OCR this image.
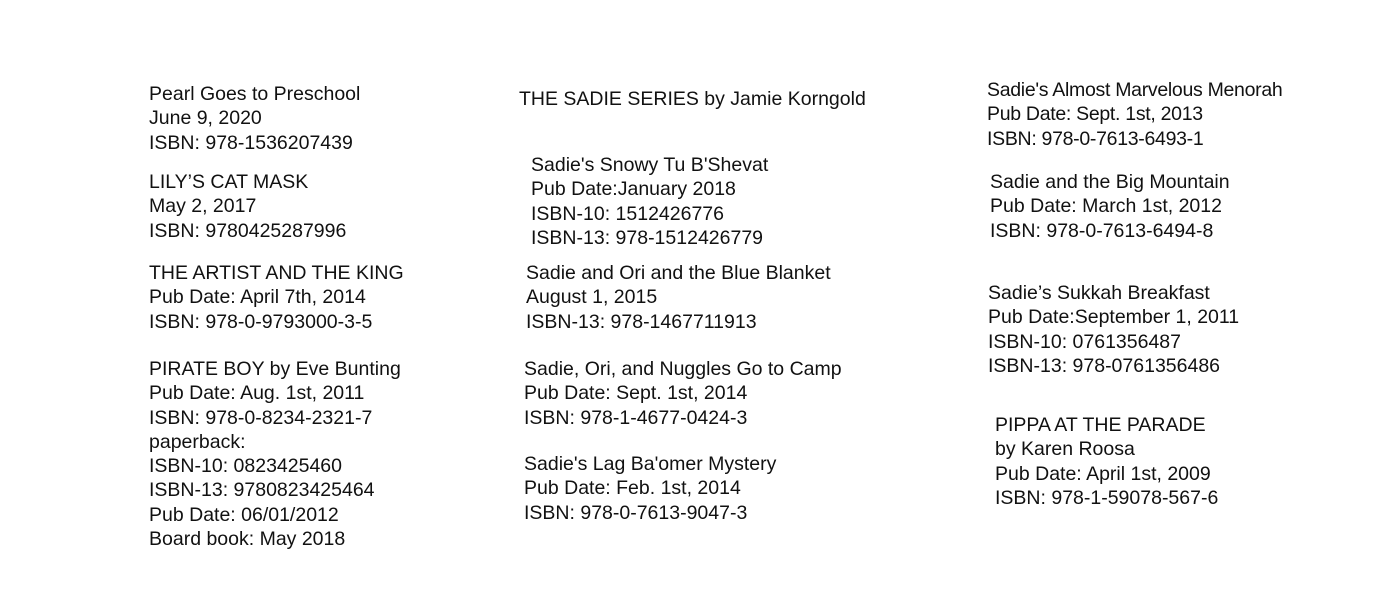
Pearl Goes to Preschool
June 9, 2020
ISBN: 978-1536207439
LILY’S CAT MASK
May 2, 2017
ISBN: 9780425287996
THE ARTIST AND THE KING
Pub Date: April 7th, 2014
ISBN: 978-0-9793000-3-5
PIRATE BOY by Eve Bunting
Pub Date: Aug. 1st, 2011
ISBN: 978-0-8234-2321-7
paperback:
ISBN-10: 0823425460
ISBN-13: 9780823425464
Pub Date: 06/01/2012
Board book: May 2018
THE SADIE SERIES by Jamie Korngold
Sadie's Snowy Tu B'Shevat
Pub Date:January 2018
ISBN-10: 1512426776
ISBN-13: 978-1512426779
Sadie and Ori and the Blue Blanket
August 1, 2015
ISBN-13: 978-1467711913
Sadie, Ori, and Nuggles Go to Camp
Pub Date: Sept. 1st, 2014
ISBN: 978-1-4677-0424-3
Sadie's Lag Ba'omer Mystery
Pub Date: Feb. 1st, 2014
ISBN: 978-0-7613-9047-3
Sadie's Almost Marvelous Menorah
Pub Date: Sept. 1st, 2013
ISBN: 978-0-7613-6493-1
Sadie and the Big Mountain
Pub Date: March 1st, 2012
ISBN: 978-0-7613-6494-8
Sadie’s Sukkah Breakfast
Pub Date:September 1, 2011
ISBN-10: 0761356487
ISBN-13: 978-0761356486
PIPPA AT THE PARADE
by Karen Roosa
Pub Date: April 1st, 2009
ISBN: 978-1-59078-567-6
